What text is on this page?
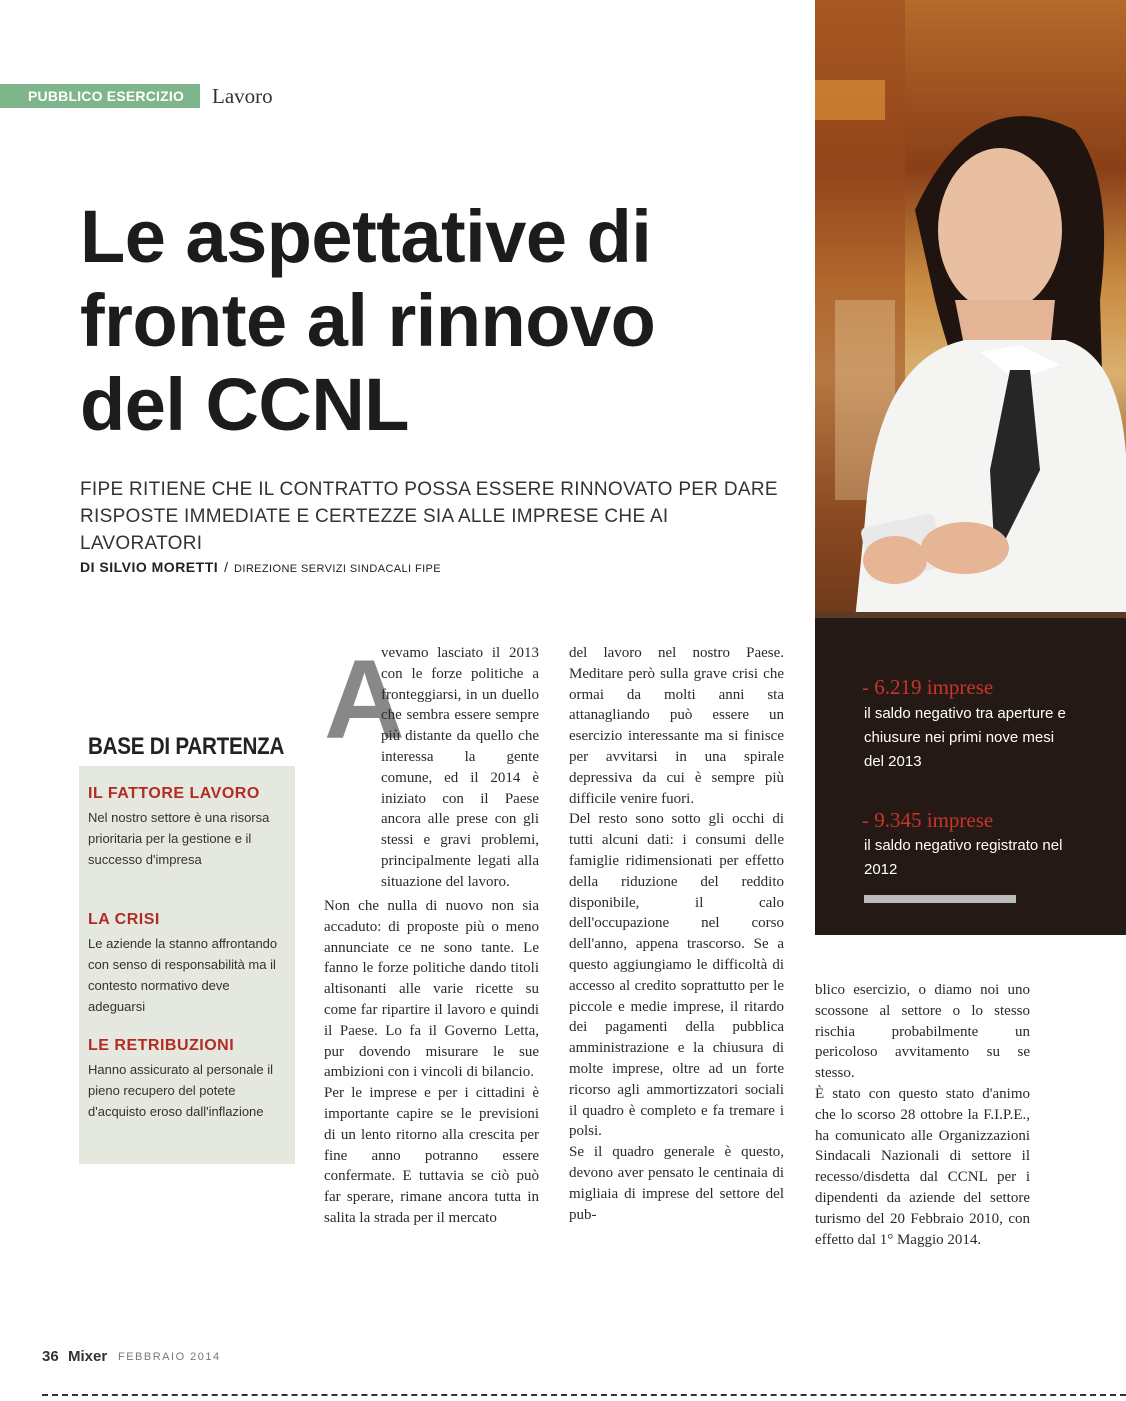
PUBBLICO ESERCIZIO	Lavoro
Le aspettative di fronte al rinnovo del CCNL
FIPE RITIENE CHE IL CONTRATTO POSSA ESSERE RINNOVATO PER DARE RISPOSTE IMMEDIATE E CERTEZZE SIA ALLE IMPRESE CHE AI LAVORATORI
DI SILVIO MORETTI / DIREZIONE SERVIZI SINDACALI FIPE
- 6.219 imprese
il saldo negativo tra aperture e chiusure nei primi nove mesi del 2013
- 9.345 imprese
il saldo negativo registrato nel 2012
BASE DI PARTENZA
IL FATTORE LAVORO

Nel nostro settore è una risorsa prioritaria per la gestione e il successo d'impresa

LA CRISI

Le aziende la stanno affrontando con senso di responsabilità ma il contesto normativo deve adeguarsi

LE RETRIBUZIONI

Hanno assicurato al personale il pieno recupero del potete d'acquisto eroso dall'inflazione

A

vevamo lasciato il 2013 con le forze politiche a fronteggiarsi, in un duello che sembra essere sempre più distante da quello che interessa la gente comune, ed il 2014 è iniziato con il Paese ancora alle prese con gli stessi e gravi problemi, principalmente legati alla situazione del lavoro.

Non che nulla di nuovo non sia accaduto: di proposte più o meno annunciate ce ne sono tante. Le fanno le forze politiche dando titoli altisonanti alle varie ricette su come far ripartire il lavoro e quindi il Paese. Lo fa il Governo Letta, pur dovendo misurare le sue ambizioni con i vincoli di bilancio.

Per le imprese e per i cittadini è importante capire se le previsioni di un lento ritorno alla crescita per fine anno potranno essere confermate. E tuttavia se ciò può far sperare, rimane ancora tutta in salita la strada per il mercato

del lavoro nel nostro Paese. Meditare però sulla grave crisi che ormai da molti anni sta attanagliando può essere un esercizio interessante ma si finisce per avvitarsi in una spirale depressiva da cui è sempre più difficile venire fuori.

Del resto sono sotto gli occhi di tutti alcuni dati: i consumi delle famiglie ridimensionati per effetto della riduzione del reddito disponibile, il calo dell'occupazione nel corso dell'anno, appena trascorso. Se a questo aggiungiamo le difficoltà di accesso al credito soprattutto per le piccole e medie imprese, il ritardo dei pagamenti della pubblica amministrazione e la chiusura di molte imprese, oltre ad un forte ricorso agli ammortizzatori sociali il quadro è completo e fa tremare i polsi.

Se il quadro generale è questo, devono aver pensato le centinaia di migliaia di imprese del settore del pub-

blico esercizio, o diamo noi uno scossone al settore o lo stesso rischia probabilmente un pericoloso avvitamento su se stesso.

È stato con questo stato d'animo che lo scorso 28 ottobre la F.I.P.E., ha comunicato alle Organizzazioni Sindacali Nazionali di settore il recesso/disdetta dal CCNL per i dipendenti da aziende del settore turismo del 20 Febbraio 2010, con effetto dal 1° Maggio 2014.

36 Mixer FEBBRAIO 2014
